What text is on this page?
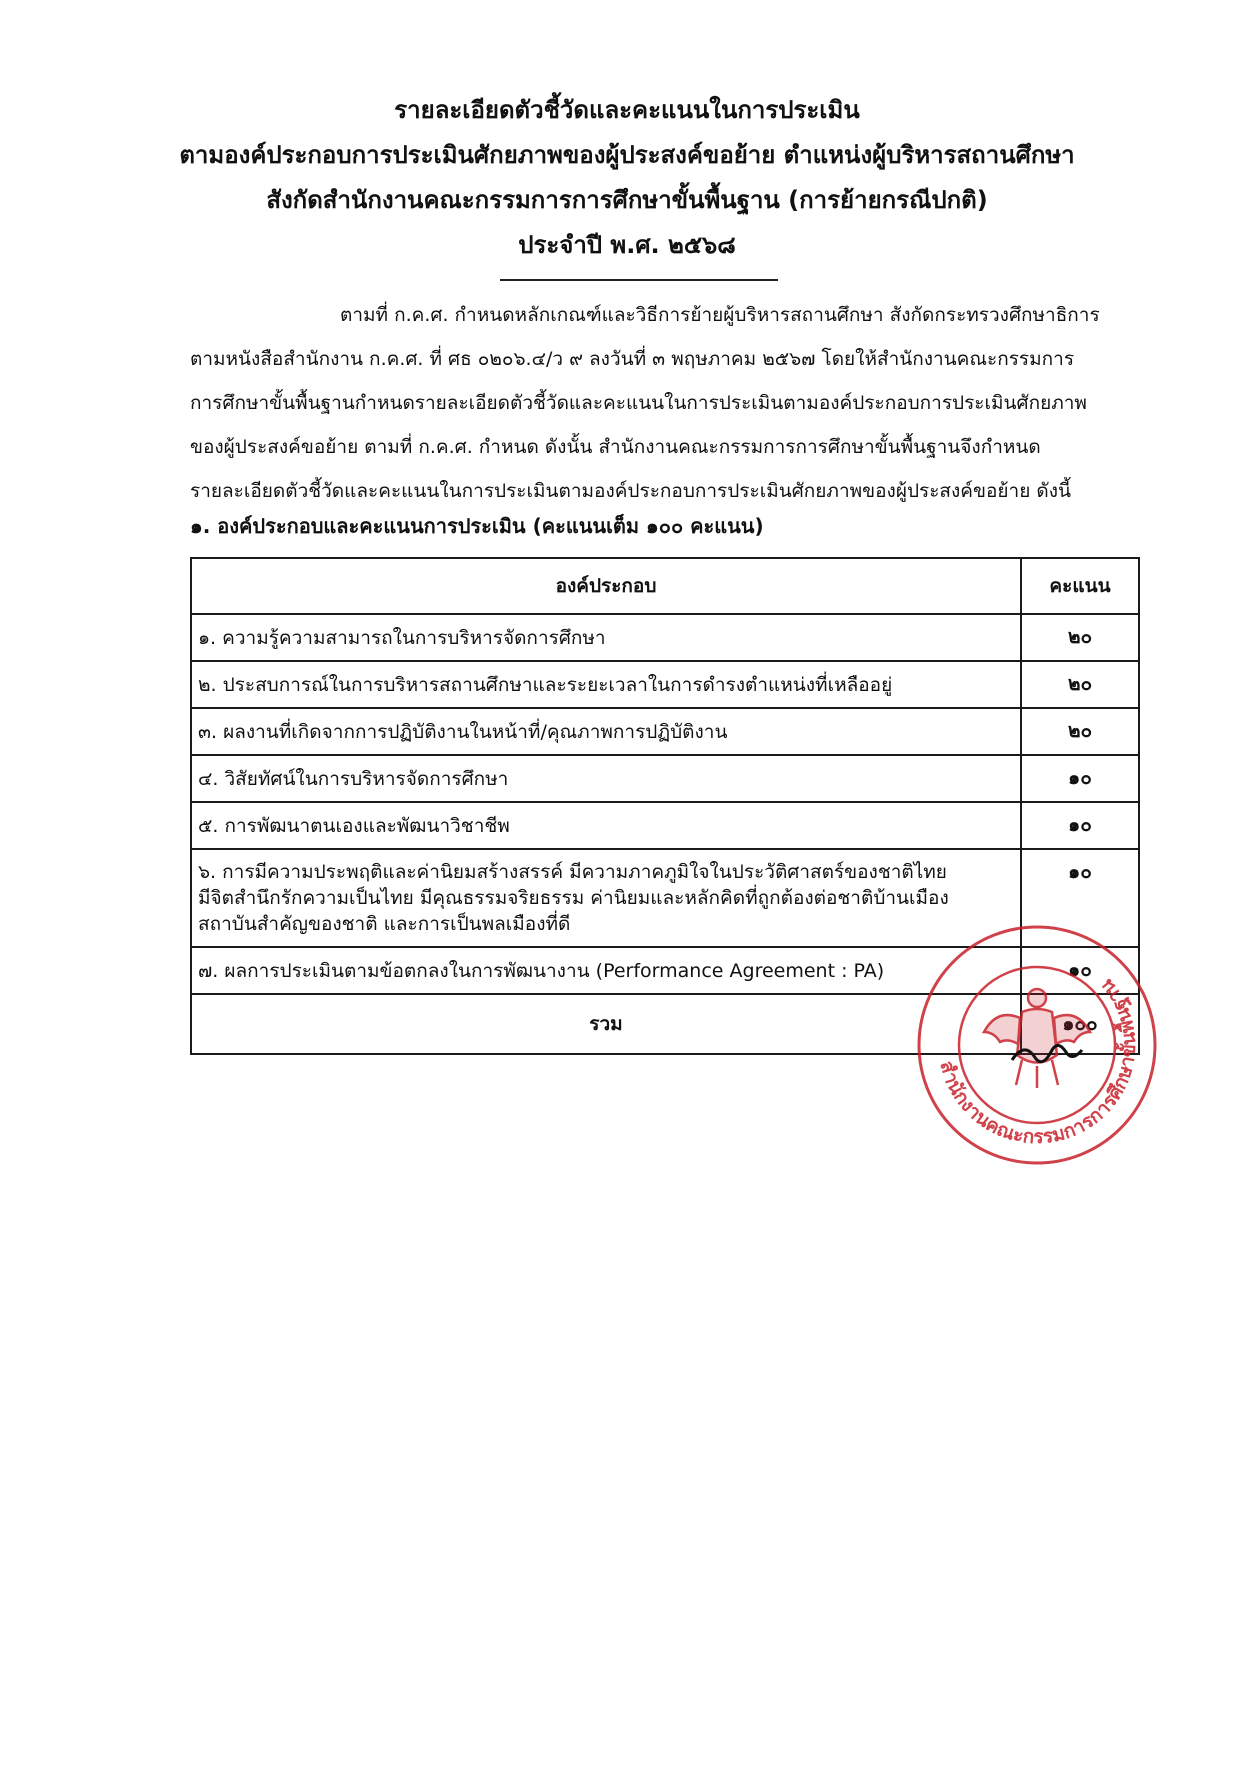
รายละเอียดตัวชี้วัดและคะแนนในการประเมิน
ตามองค์ประกอบการประเมินศักยภาพของผู้ประสงค์ขอย้าย ตำแหน่งผู้บริหารสถานศึกษา
สังกัดสำนักงานคณะกรรมการการศึกษาขั้นพื้นฐาน (การย้ายกรณีปกติ)
ประจำปี พ.ศ. ๒๕๖๘
ตามที่ ก.ค.ศ. กำหนดหลักเกณฑ์และวิธีการย้ายผู้บริหารสถานศึกษา สังกัดกระทรวงศึกษาธิการ
ตามหนังสือสำนักงาน ก.ค.ศ. ที่ ศธ ๐๒๐๖.๔/ว ๙ ลงวันที่ ๓ พฤษภาคม ๒๕๖๗ โดยให้สำนักงานคณะกรรมการ
การศึกษาขั้นพื้นฐานกำหนดรายละเอียดตัวชี้วัดและคะแนนในการประเมินตามองค์ประกอบการประเมินศักยภาพ
ของผู้ประสงค์ขอย้าย ตามที่ ก.ค.ศ. กำหนด ดังนั้น สำนักงานคณะกรรมการการศึกษาขั้นพื้นฐานจึงกำหนด
รายละเอียดตัวชี้วัดและคะแนนในการประเมินตามองค์ประกอบการประเมินศักยภาพของผู้ประสงค์ขอย้าย ดังนี้
๑. องค์ประกอบและคะแนนการประเมิน (คะแนนเต็ม ๑๐๐ คะแนน)
องค์ประกอบ	คะแนน
๑. ความรู้ความสามารถในการบริหารจัดการศึกษา	๒๐
๒. ประสบการณ์ในการบริหารสถานศึกษาและระยะเวลาในการดำรงตำแหน่งที่เหลืออยู่	๒๐
๓. ผลงานที่เกิดจากการปฏิบัติงานในหน้าที่/คุณภาพการปฏิบัติงาน	๒๐
๔. วิสัยทัศน์ในการบริหารจัดการศึกษา	๑๐
๕. การพัฒนาตนเองและพัฒนาวิชาชีพ	๑๐

๖. การมีความประพฤติและค่านิยมสร้างสรรค์ มีความภาคภูมิใจในประวัติศาสตร์ของชาติไทย
มีจิตสำนึกรักความเป็นไทย มีคุณธรรมจริยธรรม ค่านิยมและหลักคิดที่ถูกต้องต่อชาติบ้านเมือง
สถาบันสำคัญของชาติ และการเป็นพลเมืองที่ดี	๑๐
๗. ผลการประเมินตามข้อตกลงในการพัฒนางาน (Performance Agreement : PA)	๑๐
รวม	๑๐๐
สำนักงานคณะกรรมการการศึกษาขั้นพื้นฐาน
